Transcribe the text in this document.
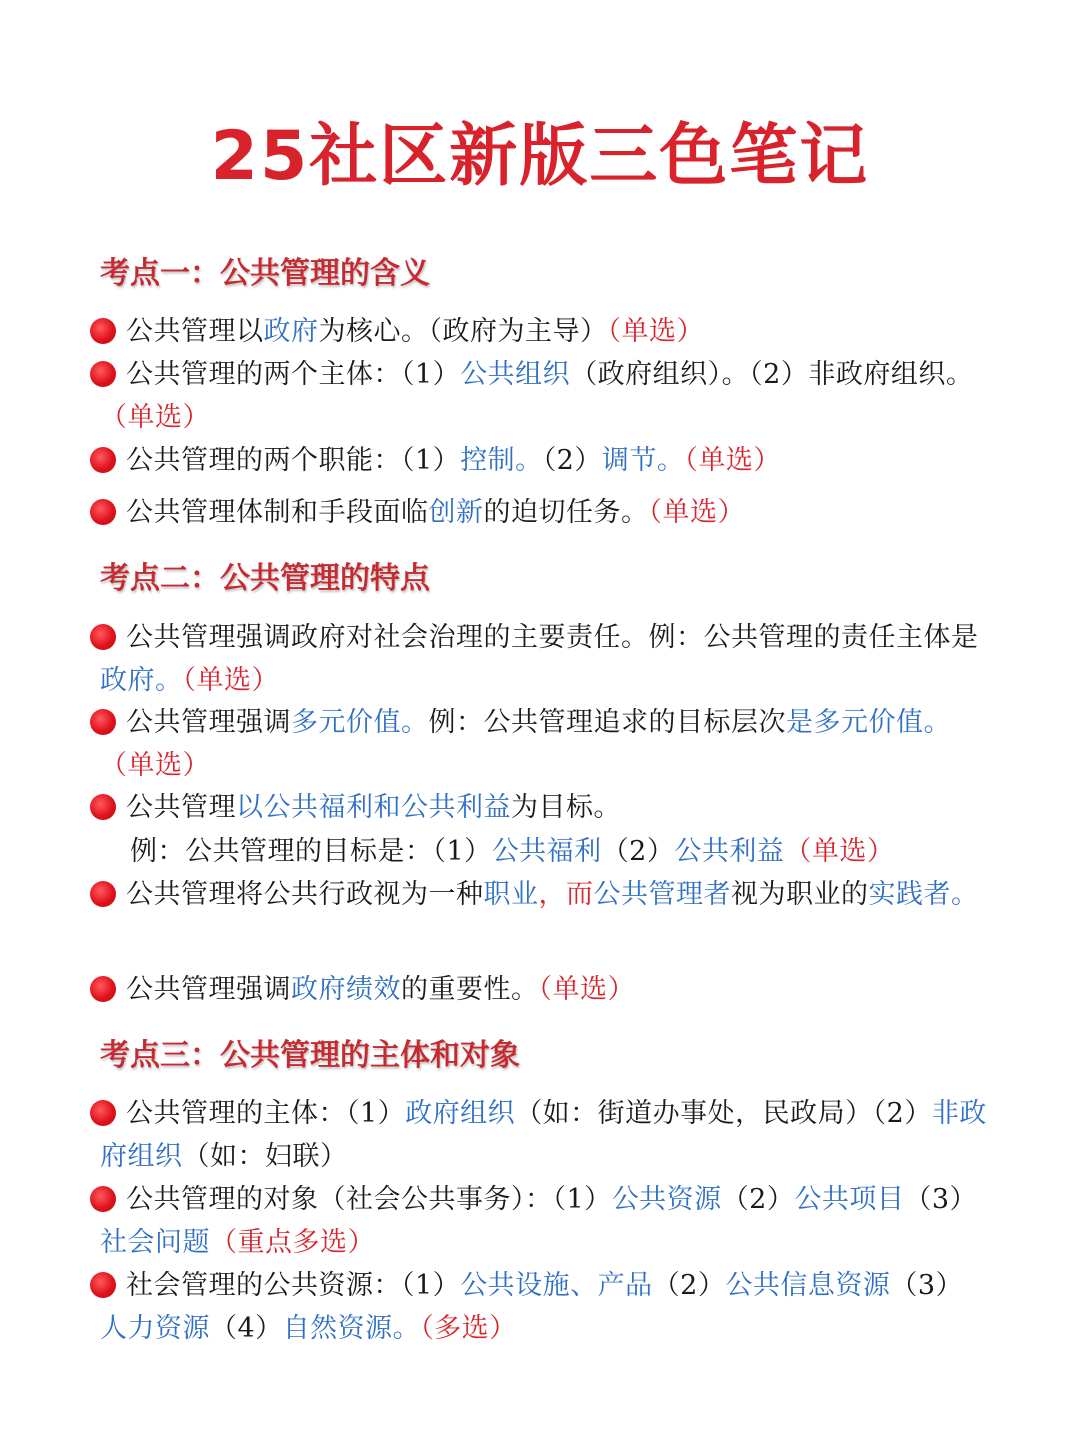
25社区新版三色笔记
考点一：公共管理的含义
公共管理以政府为核心。（政府为主导）（单选）
公共管理的两个主体：（1）公共组织（政府组织）。（2）非政府组织。（单选）
公共管理的两个职能：（1）控制。（2）调节。（单选）
公共管理体制和手段面临创新的迫切任务。（单选）
考点二：公共管理的特点
公共管理强调政府对社会治理的主要责任。例：公共管理的责任主体是政府。（单选）
公共管理强调多元价值。例：公共管理追求的目标层次是多元价值。（单选）
公共管理以公共福利和公共利益为目标。
例：公共管理的目标是：（1）公共福利（2）公共利益（单选）
公共管理将公共行政视为一种职业，而公共管理者视为职业的实践者。
公共管理强调政府绩效的重要性。（单选）
考点三：公共管理的主体和对象
公共管理的主体：（1）政府组织（如：街道办事处，民政局）（2）非政府组织（如：妇联）
公共管理的对象（社会公共事务）：（1）公共资源（2）公共项目（3）社会问题（重点多选）
社会管理的公共资源：（1）公共设施、产品（2）公共信息资源（3）人力资源（4）自然资源。（多选）
